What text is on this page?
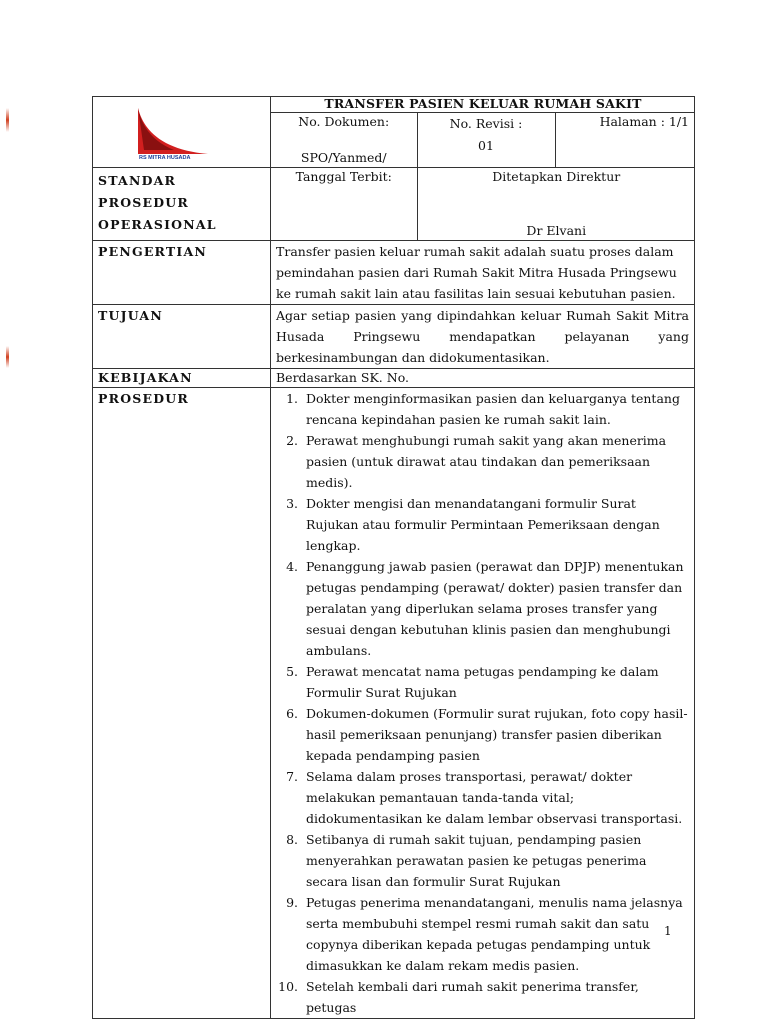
RS MITRA HUSADA

TRANSFER PASIEN KELUAR RUMAH SAKIT

No. Dokumen:
SPO/Yanmed/

No. Revisi :
01

Halaman : 1/1

STANDAR PROSEDUR
OPERASIONAL

Tanggal Terbit:	Ditetapkan Direktur
Dr Elvani

PENGERTIAN	Transfer pasien keluar rumah sakit adalah suatu proses dalam pemindahan pasien dari Rumah Sakit Mitra Husada Pringsewu ke rumah sakit lain atau fasilitas lain sesuai kebutuhan pasien.
TUJUAN	Agar setiap pasien yang dipindahkan keluar Rumah Sakit Mitra Husada Pringsewu mendapatkan pelayanan yang berkesinambungan dan didokumentasikan.
KEBIJAKAN	Berdasarkan SK. No.
PROSEDUR	
1.Dokter menginformasikan pasien dan keluarganya tentang rencana kepindahan pasien ke rumah sakit lain.
2. Perawat menghubungi rumah sakit yang akan menerima pasien (untuk dirawat atau tindakan dan pemeriksaan medis).
3. Dokter mengisi dan menandatangani formulir Surat Rujukan atau formulir Permintaan Pemeriksaan dengan lengkap.
4. Penanggung jawab pasien (perawat dan DPJP) menentukan petugas pendamping (perawat/ dokter) pasien transfer dan peralatan yang diperlukan selama proses transfer yang sesuai dengan kebutuhan klinis pasien dan menghubungi ambulans.
5. Perawat mencatat nama petugas pendamping ke dalam Formulir Surat Rujukan
6. Dokumen-dokumen (Formulir surat rujukan, foto copy hasil-hasil pemeriksaan penunjang) transfer pasien diberikan kepada pendamping pasien
7. Selama dalam proses transportasi, perawat/ dokter melakukan pemantauan tanda-tanda vital; didokumentasikan ke dalam lembar observasi transportasi.
8. Setibanya di rumah sakit tujuan, pendamping pasien menyerahkan perawatan pasien ke petugas penerima secara lisan dan formulir Surat Rujukan
9. Petugas penerima menandatangani, menulis nama jelasnya serta membubuhi stempel resmi rumah sakit dan satu copynya diberikan kepada petugas pendamping untuk dimasukkan ke dalam rekam medis pasien.
10. Setelah kembali dari rumah sakit penerima transfer, petugas
1
